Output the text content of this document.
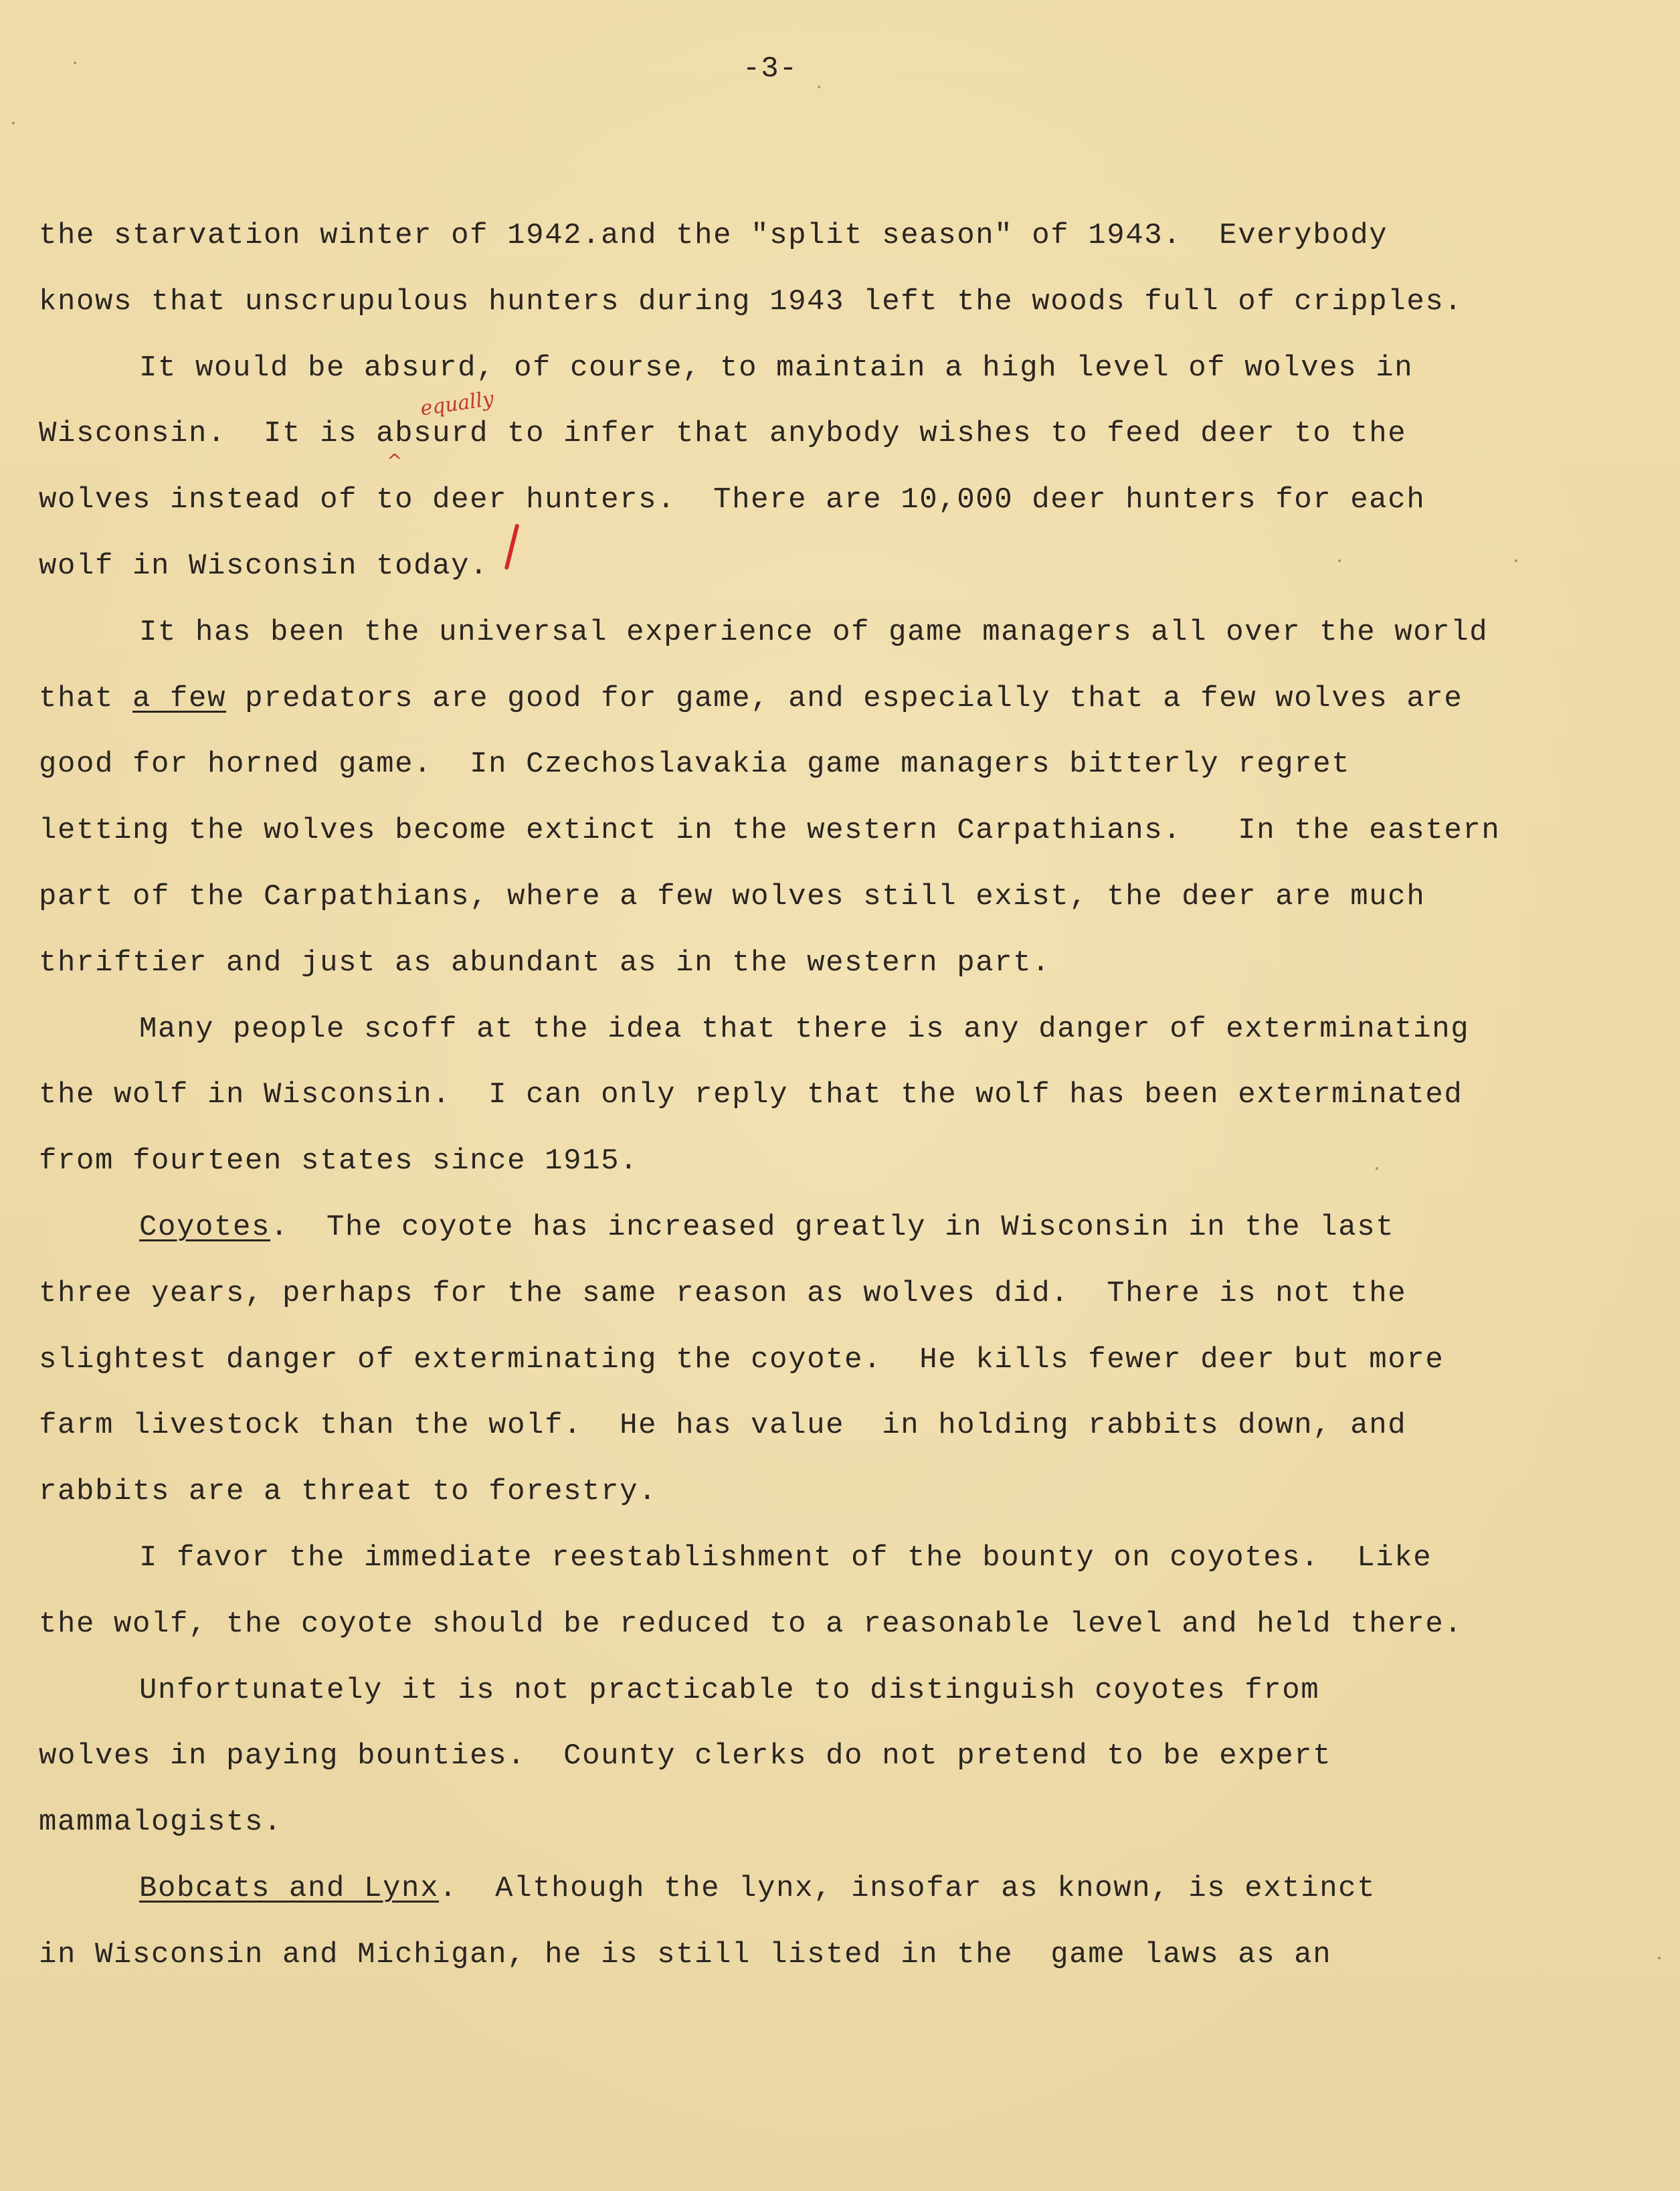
-3-
the starvation winter of 1942.and the "split season" of 1943.  Everybody
knows that unscrupulous hunters during 1943 left the woods full of cripples.
It would be absurd, of course, to maintain a high level of wolves in
Wisconsin.  It is absurd to infer that anybody wishes to feed deer to the
wolves instead of to deer hunters.  There are 10,000 deer hunters for each
wolf in Wisconsin today.
It has been the universal experience of game managers all over the world
that a few predators are good for game, and especially that a few wolves are
good for horned game.  In Czechoslavakia game managers bitterly regret
letting the wolves become extinct in the western Carpathians.   In the eastern
part of the Carpathians, where a few wolves still exist, the deer are much
thriftier and just as abundant as in the western part.
Many people scoff at the idea that there is any danger of exterminating
the wolf in Wisconsin.  I can only reply that the wolf has been exterminated
from fourteen states since 1915.
Coyotes.  The coyote has increased greatly in Wisconsin in the last
three years, perhaps for the same reason as wolves did.  There is not the
slightest danger of exterminating the coyote.  He kills fewer deer but more
farm livestock than the wolf.  He has value  in holding rabbits down, and
rabbits are a threat to forestry.
I favor the immediate reestablishment of the bounty on coyotes.  Like
the wolf, the coyote should be reduced to a reasonable level and held there.
Unfortunately it is not practicable to distinguish coyotes from
wolves in paying bounties.  County clerks do not pretend to be expert
mammalogists.
Bobcats and Lynx.  Although the lynx, insofar as known, is extinct
in Wisconsin and Michigan, he is still listed in the  game laws as an
equally
^
